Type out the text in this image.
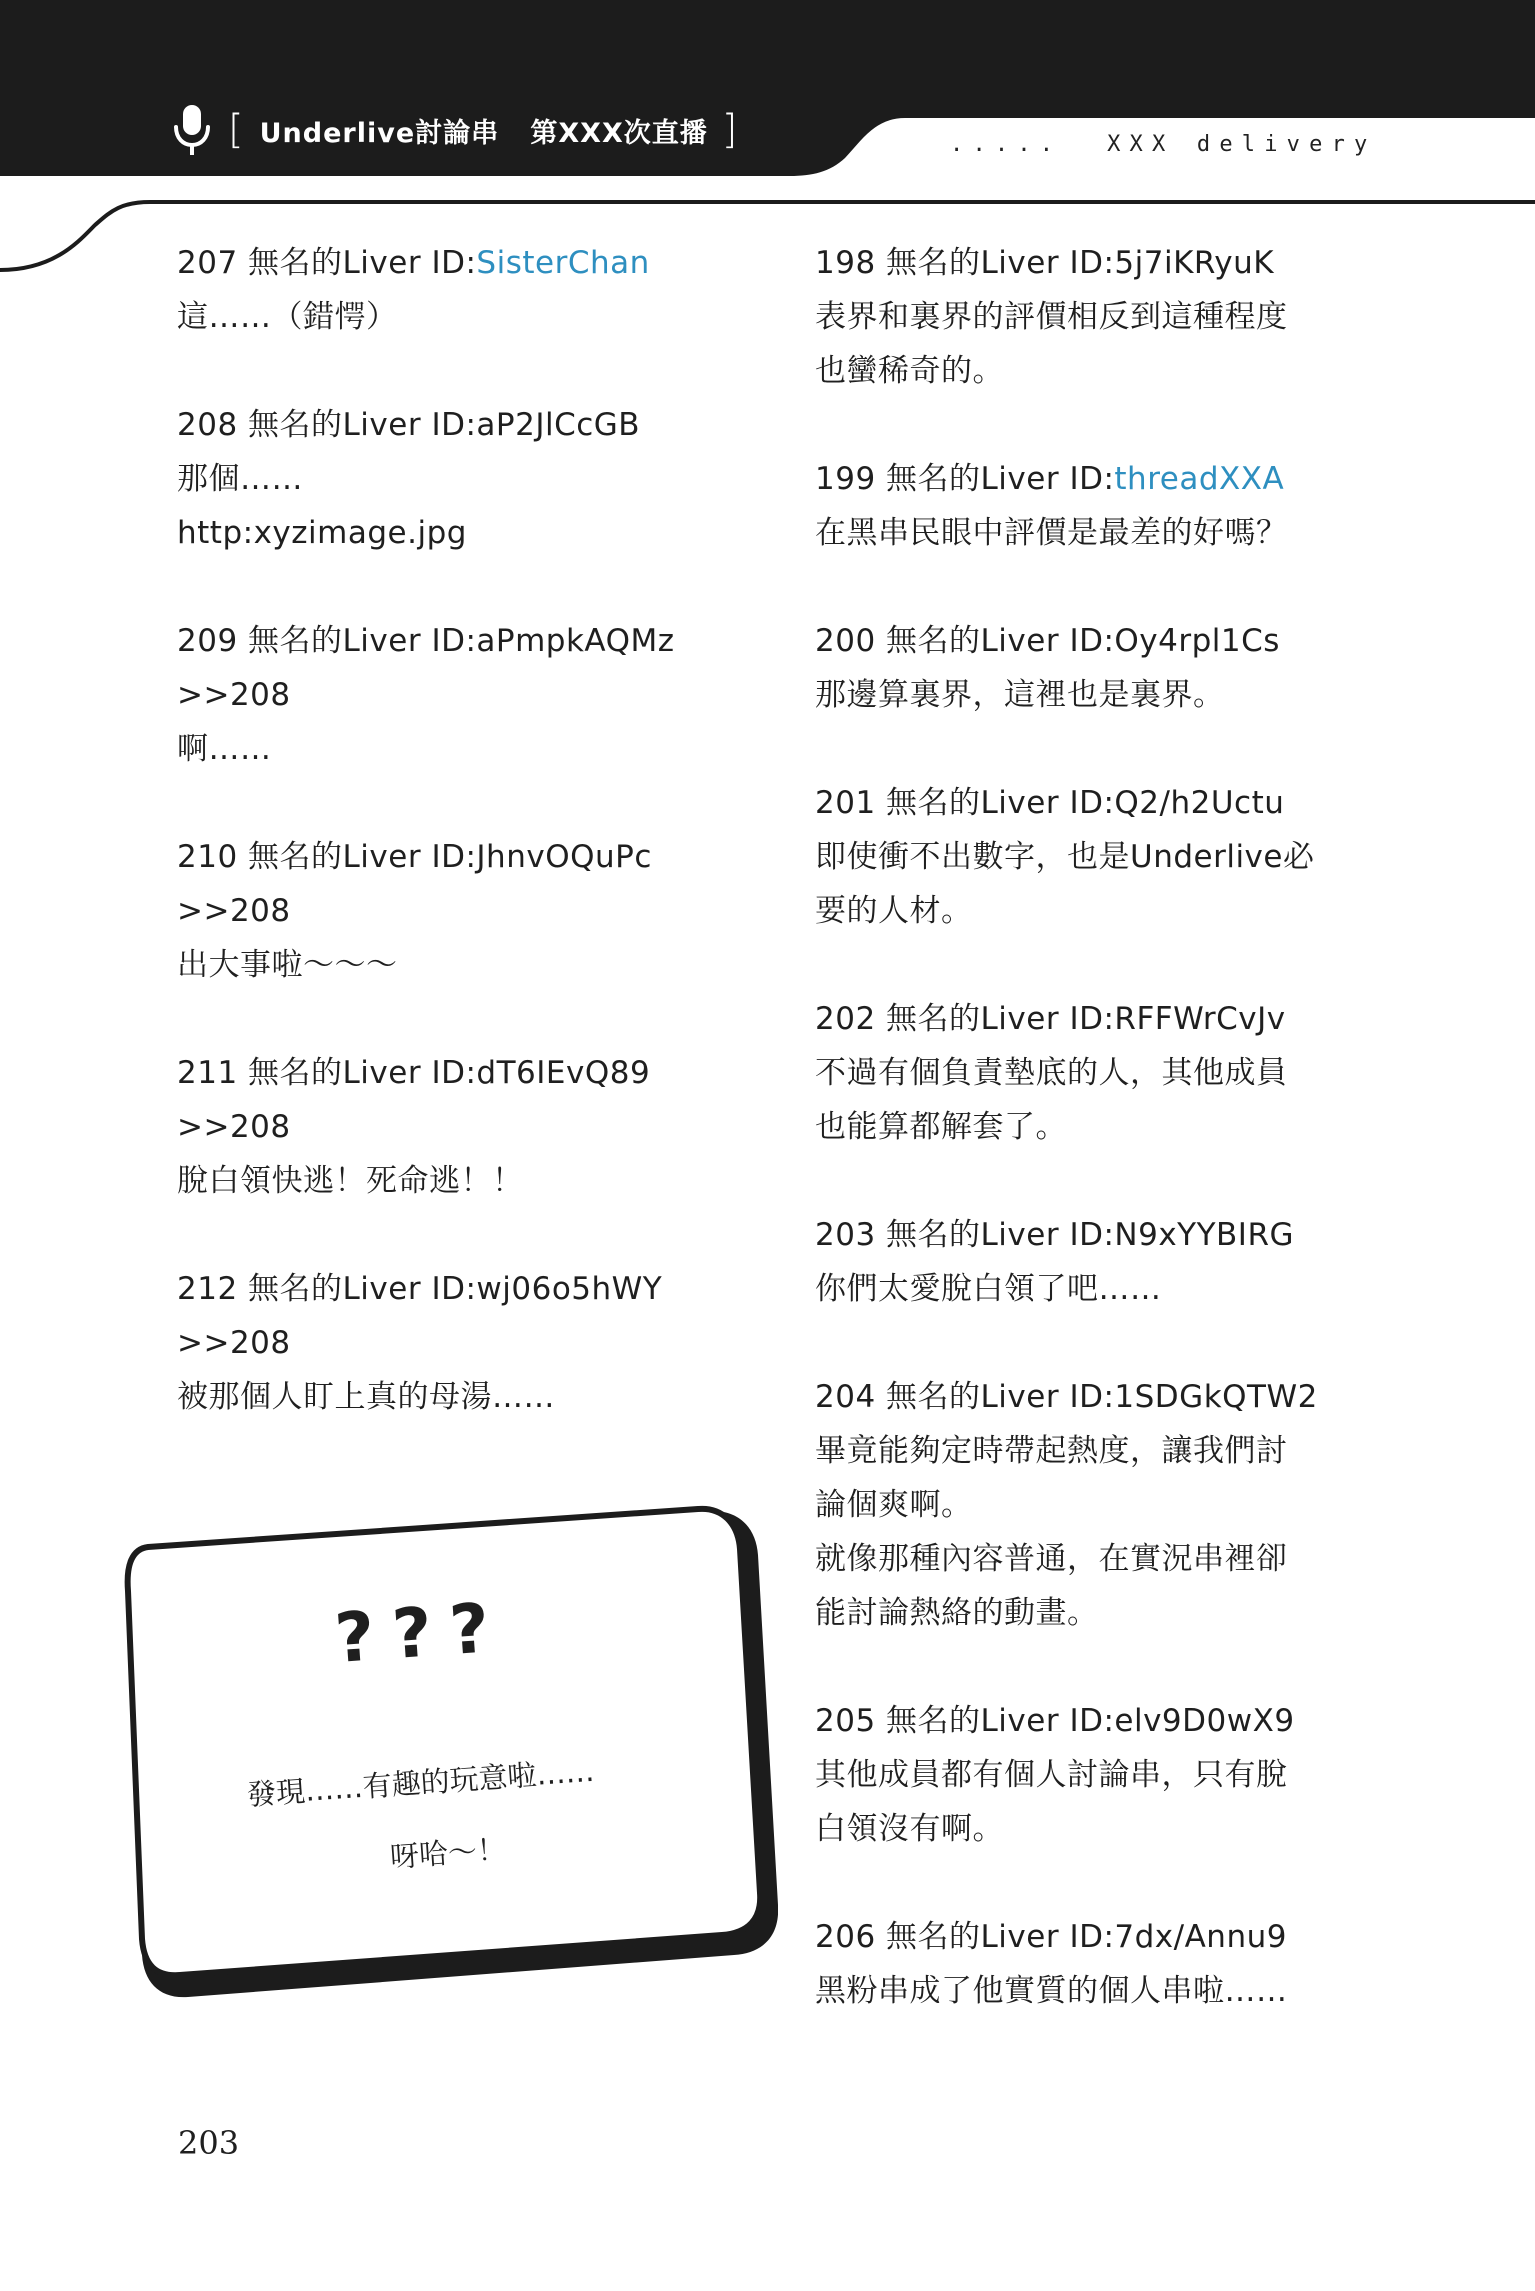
[ Underlive討論串   第XXX次直播 ]	.....  XXX delivery
207 無名的Liver ID:SisterChan
這……（錯愕）
208 無名的Liver ID:aP2JlCcGB
那個……
http:xyzimage.jpg
209 無名的Liver ID:aPmpkAQMz
>>208
啊……
210 無名的Liver ID:JhnvOQuPc
>>208
出大事啦〜〜〜
211 無名的Liver ID:dT6IEvQ89
>>208
脫白領快逃！死命逃！！
212 無名的Liver ID:wj06o5hWY
>>208
被那個人盯上真的母湯……
198 無名的Liver ID:5j7iKRyuK
表界和裏界的評價相反到這種程度
也蠻稀奇的。
199 無名的Liver ID:threadXXA
在黑串民眼中評價是最差的好嗎？
200 無名的Liver ID:Oy4rpl1Cs
那邊算裏界，這裡也是裏界。
201 無名的Liver ID:Q2/h2Uctu
即使衝不出數字，也是Underlive必
要的人材。
202 無名的Liver ID:RFFWrCvJv
不過有個負責墊底的人，其他成員
也能算都解套了。
203 無名的Liver ID:N9xYYBIRG
你們太愛脫白領了吧……
204 無名的Liver ID:1SDGkQTW2
畢竟能夠定時帶起熱度，讓我們討
論個爽啊。
就像那種內容普通，在實況串裡卻
能討論熱絡的動畫。
205 無名的Liver ID:elv9D0wX9
其他成員都有個人討論串，只有脫
白領沒有啊。
206 無名的Liver ID:7dx/Annu9
黑粉串成了他實質的個人串啦……
???
發現……有趣的玩意啦……
呀哈〜！
203
